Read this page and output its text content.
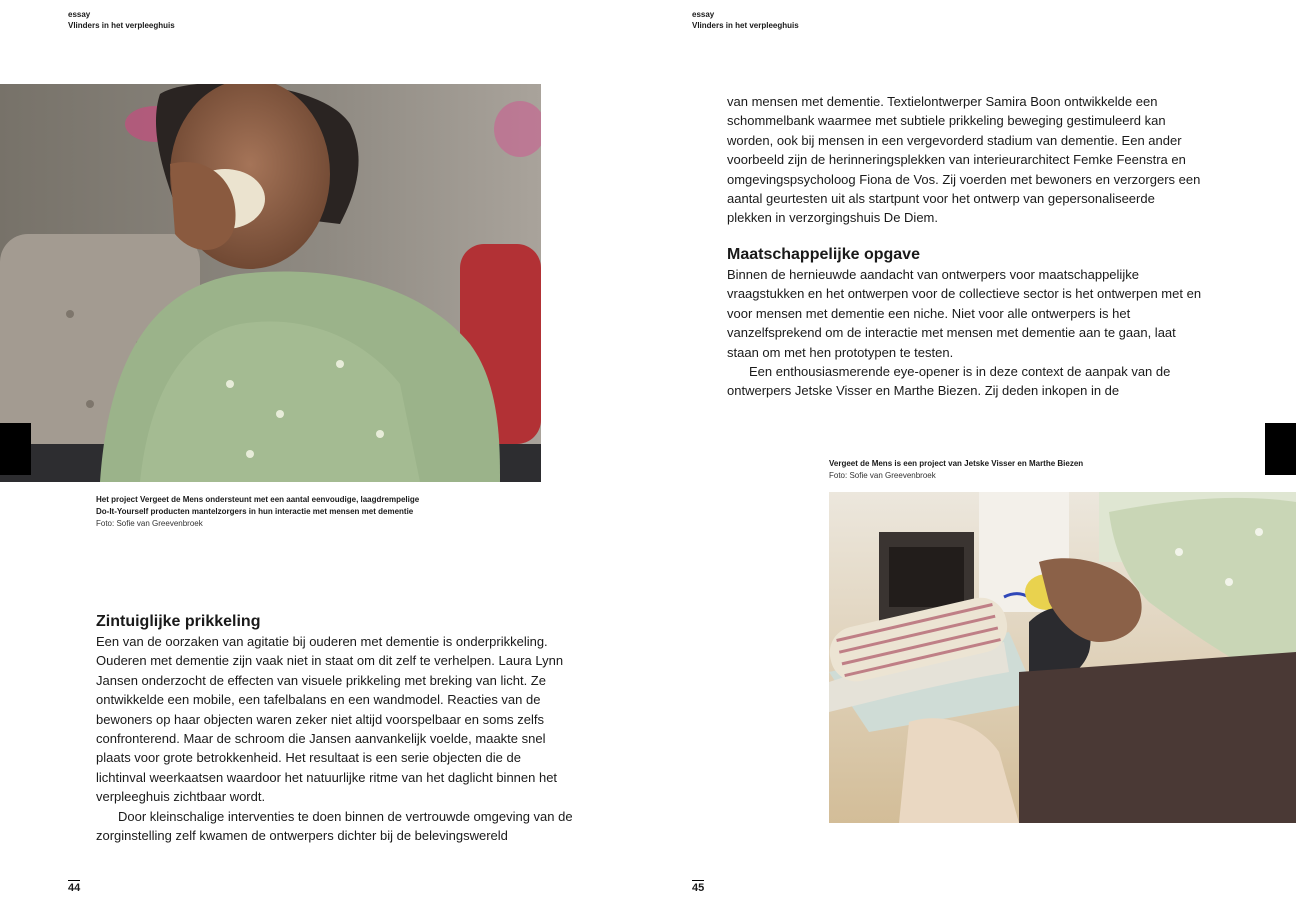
essay
Vlinders in het verpleeghuis
Het project Vergeet de Mens ondersteunt met een aantal eenvoudige, laagdrempelige
Do-It-Yourself producten mantelzorgers in hun interactie met mensen met dementie
Foto: Sofie van Greevenbroek
Zintuiglijke prikkeling

Een van de oorzaken van agitatie bij ouderen met dementie is onderprikkeling. Ouderen met dementie zijn vaak niet in staat om dit zelf te verhelpen. Laura Lynn Jansen onderzocht de effecten van visuele prikkeling met breking van licht. Ze ontwikkelde een mobile, een tafelbalans en een wandmodel. Reacties van de bewoners op haar objecten waren zeker niet altijd voorspelbaar en soms zelfs confronterend. Maar de schroom die Jansen aanvankelijk voelde, maakte snel plaats voor grote betrokkenheid. Het resultaat is een serie objecten die de lichtinval weerkaatsen waardoor het natuurlijke ritme van het daglicht binnen het verpleeghuis zichtbaar wordt.

Door kleinschalige interventies te doen binnen de vertrouwde omgeving van de zorginstelling zelf kwamen de ontwerpers dichter bij de belevingswereld

44
essay
Vlinders in het verpleeghuis

van mensen met dementie. Textielontwerper Samira Boon ontwikkelde een schommelbank waarmee met subtiele prikkeling beweging gestimuleerd kan worden, ook bij mensen in een vergevorderd stadium van dementie. Een ander voorbeeld zijn de herinneringsplekken van interieurarchitect Femke Feenstra en omgevingspsycholoog Fiona de Vos. Zij voerden met bewoners en verzorgers een aantal geurtesten uit als startpunt voor het ontwerp van gepersonaliseerde plekken in verzorgingshuis De Diem.

Maatschappelijke opgave

Binnen de hernieuwde aandacht van ontwerpers voor maatschappelijke vraagstukken en het ontwerpen voor de collectieve sector is het ontwerpen met en voor mensen met dementie een niche. Niet voor alle ontwerpers is het vanzelfsprekend om de interactie met mensen met dementie aan te gaan, laat staan om met hen prototypen te testen.

Een enthousiasmerende eye-opener is in deze context de aanpak van de ontwerpers Jetske Visser en Marthe Biezen. Zij deden inkopen in de

Vergeet de Mens is een project van Jetske Visser en Marthe Biezen
Foto: Sofie van Greevenbroek
45
